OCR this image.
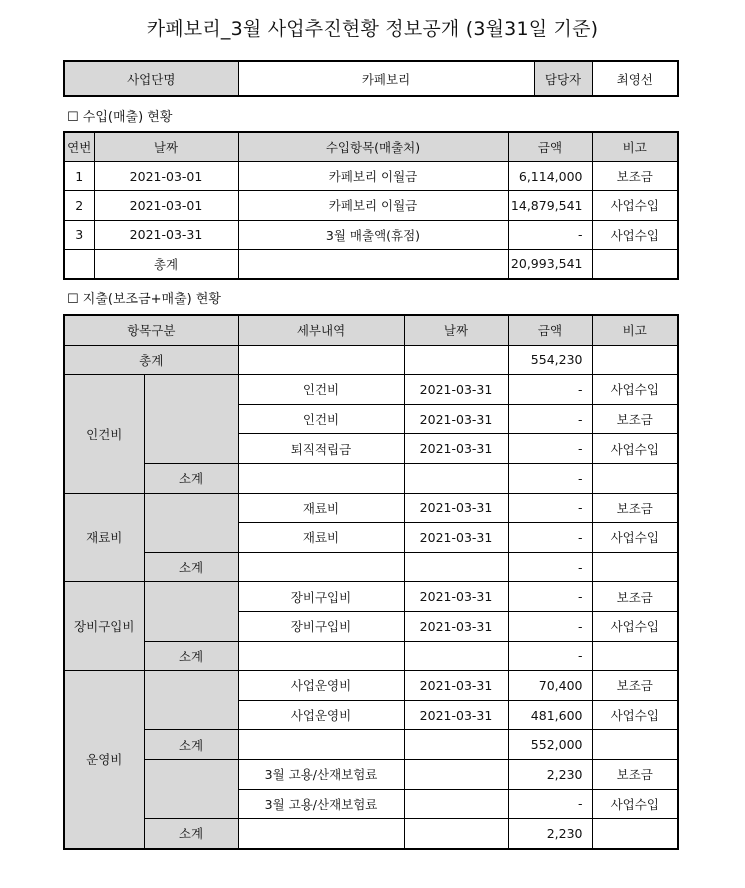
카페보리_3월 사업추진현황 정보공개 (3월31일 기준)
사업단명	카페보리	담당자	최영선
☐ 수입(매출) 현황
연번	날짜	수입항목(매출처)	금액	비고
1	2021-03-01	카페보리 이월금	6,114,000	보조금
2	2021-03-01	카페보리 이월금	14,879,541	사업수입
3	2021-03-31	3월 매출액(휴점)	-	사업수입
	총계		20,993,541	
☐ 지출(보조금+매출) 현황
항목구분		세부내역	날짜	금액	비고
총계				554,230	
인건비		인건비	2021-03-31	-	사업수입
		인건비	2021-03-31	-	보조금
		퇴직적립금	2021-03-31	-	사업수입
	소계			-	
재료비		재료비	2021-03-31	-	보조금
		재료비	2021-03-31	-	사업수입
	소계			-	
장비구입비		장비구입비	2021-03-31	-	보조금
		장비구입비	2021-03-31	-	사업수입
	소계			-	
운영비		사업운영비	2021-03-31	70,400	보조금
		사업운영비	2021-03-31	481,600	사업수입
	소계			552,000	
		3월 고용/산재보험료		2,230	보조금
		3월 고용/산재보험료		-	사업수입
	소계			2,230	
